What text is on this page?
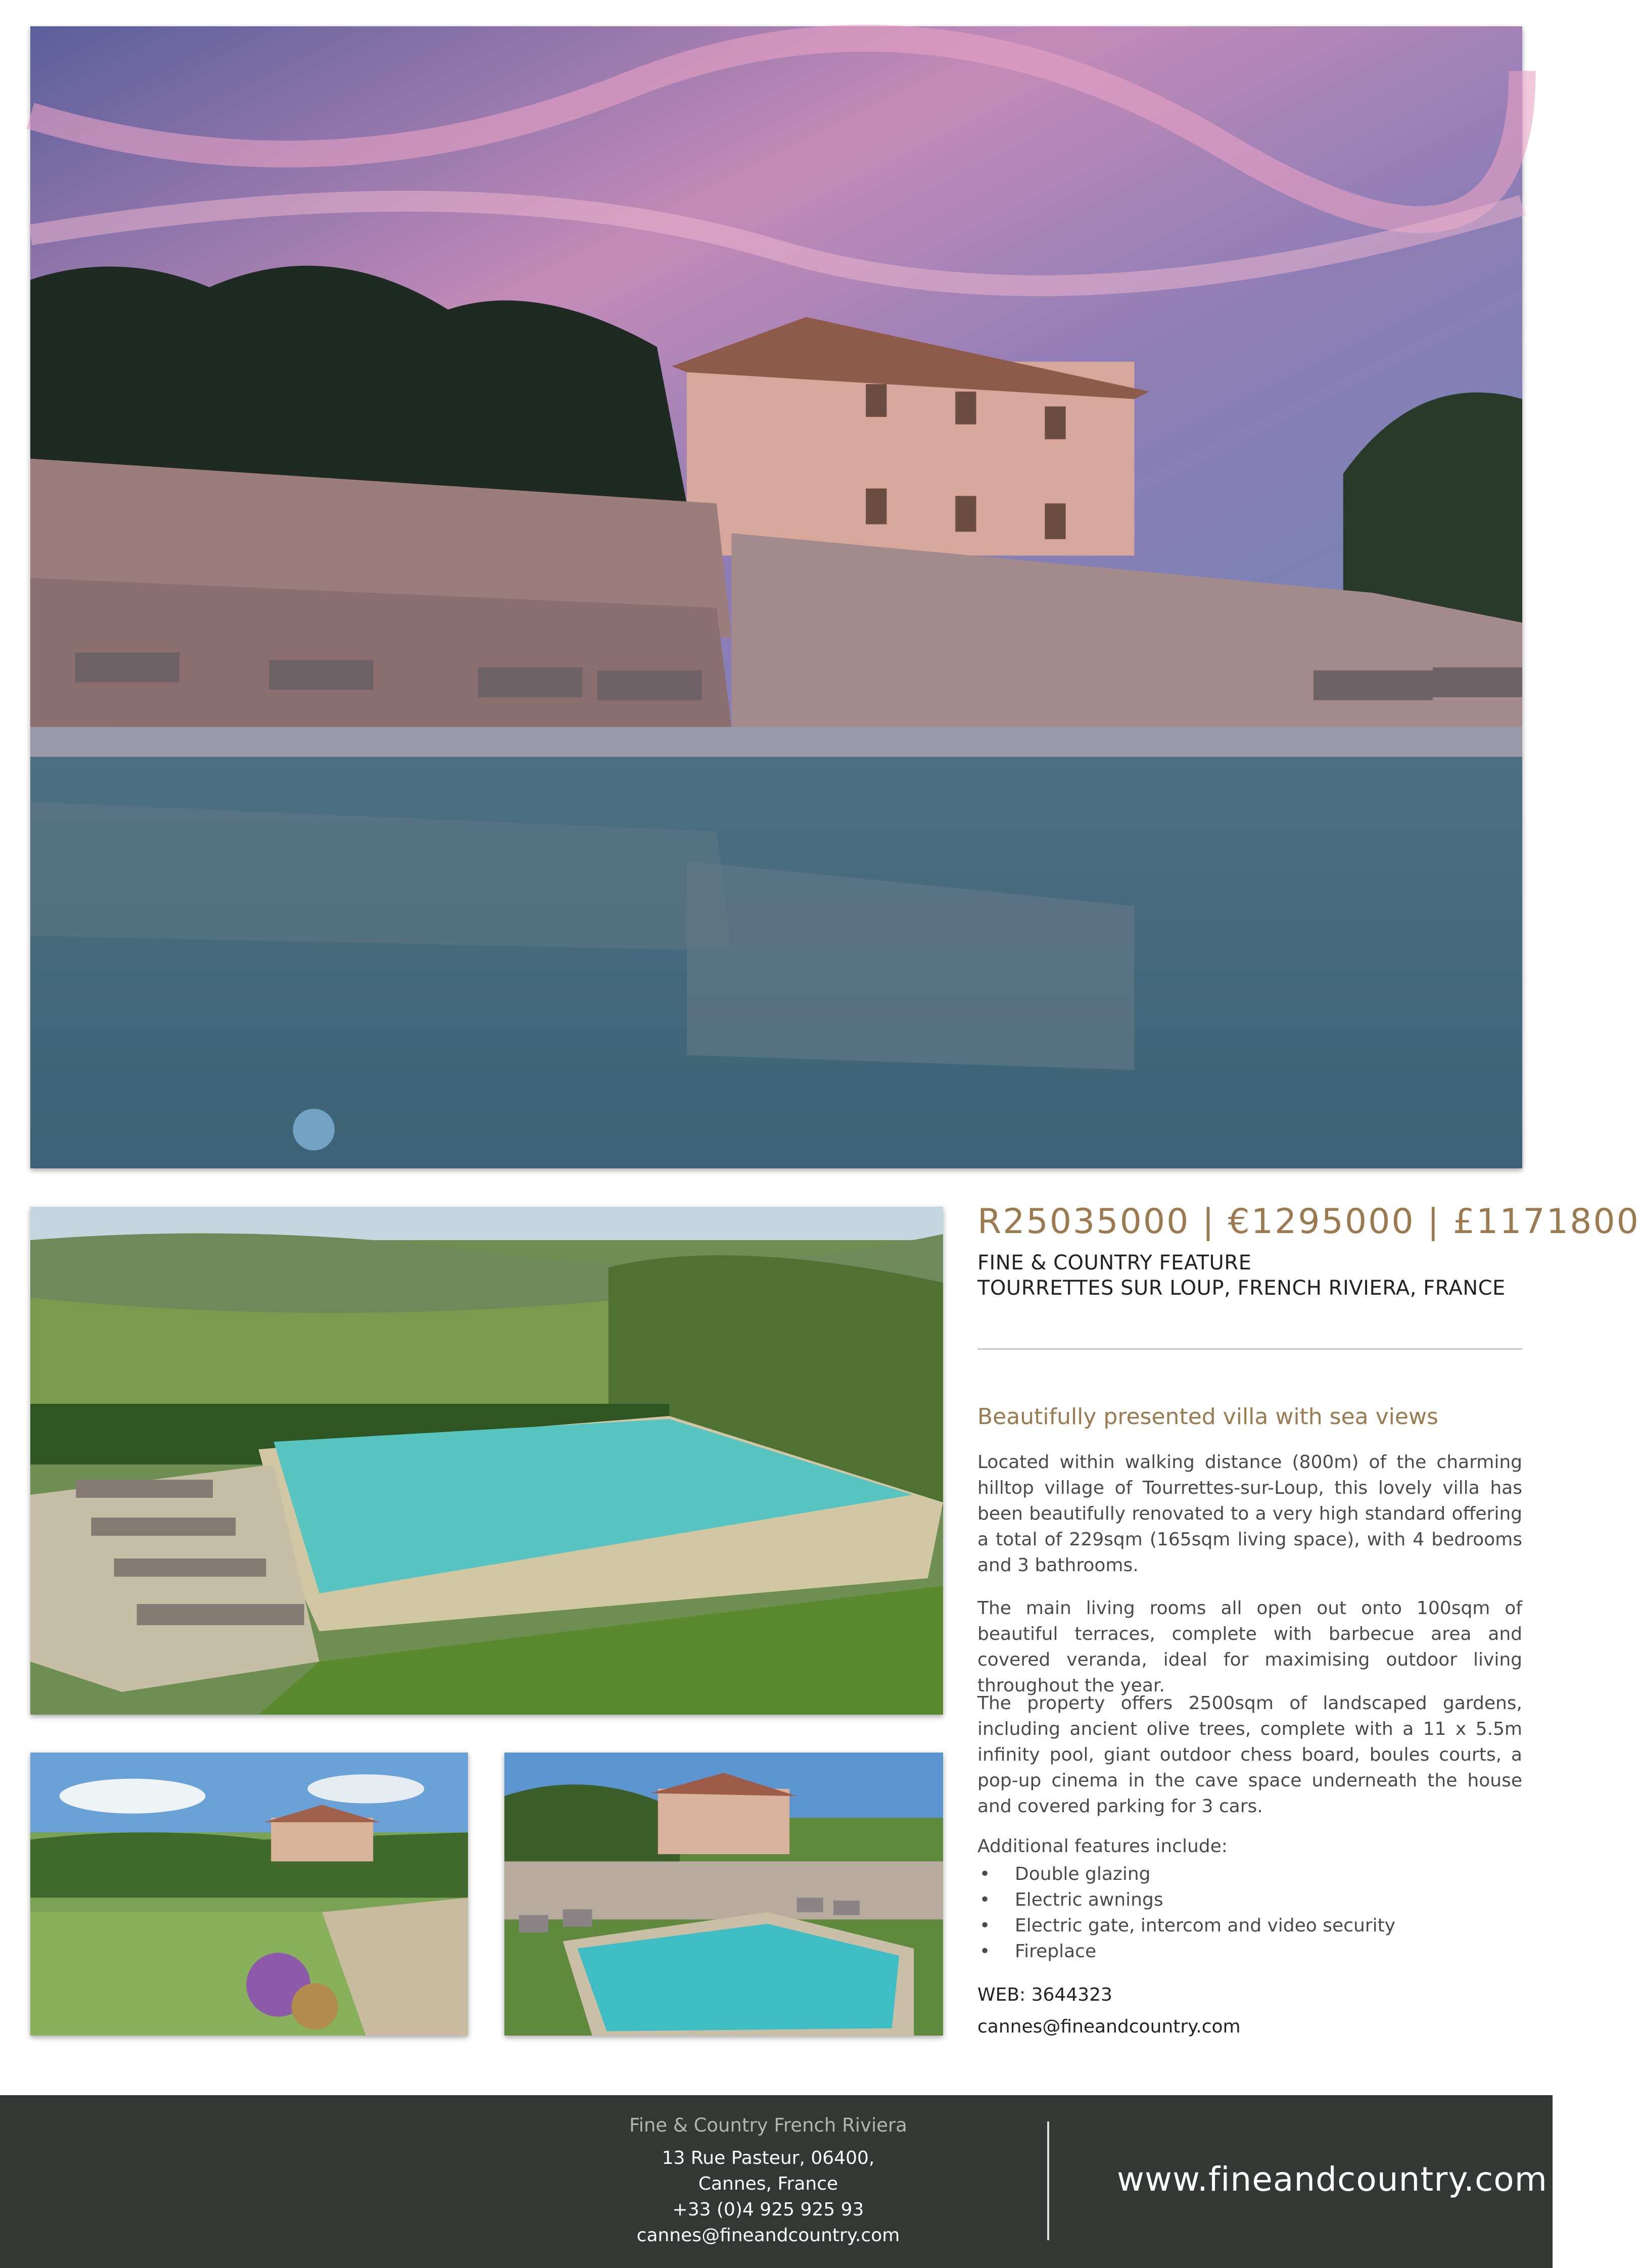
R25035000 | €1295000 | £1171800
FINE & COUNTRY FEATURE
TOURRETTES SUR LOUP, FRENCH RIVIERA, FRANCE
Beautifully presented villa with sea views

Located within walking distance (800m) of the charming hilltop village of Tourrettes-sur-Loup, this lovely villa has been beautifully renovated to a very high standard offering a total of 229sqm (165sqm living space), with 4 bedrooms and 3 bathrooms.

The main living rooms all open out onto 100sqm of beautiful terraces, complete with barbecue area and covered veranda, ideal for maximising outdoor living throughout the year.

The property offers 2500sqm of landscaped gardens, including ancient olive trees, complete with a 11 x 5.5m infinity pool, giant outdoor chess board, boules courts, a pop-up cinema in the cave space underneath the house and covered parking for 3 cars.

Additional features include:
• Double glazing
• Electric awnings
• Electric gate, intercom and video security
• Fireplace
WEB: 3644323
cannes@fineandcountry.com
Fine & Country French Riviera
13 Rue Pasteur, 06400,
Cannes, France
+33 (0)4 925 925 93
cannes@fineandcountry.com
www.fineandcountry.com
